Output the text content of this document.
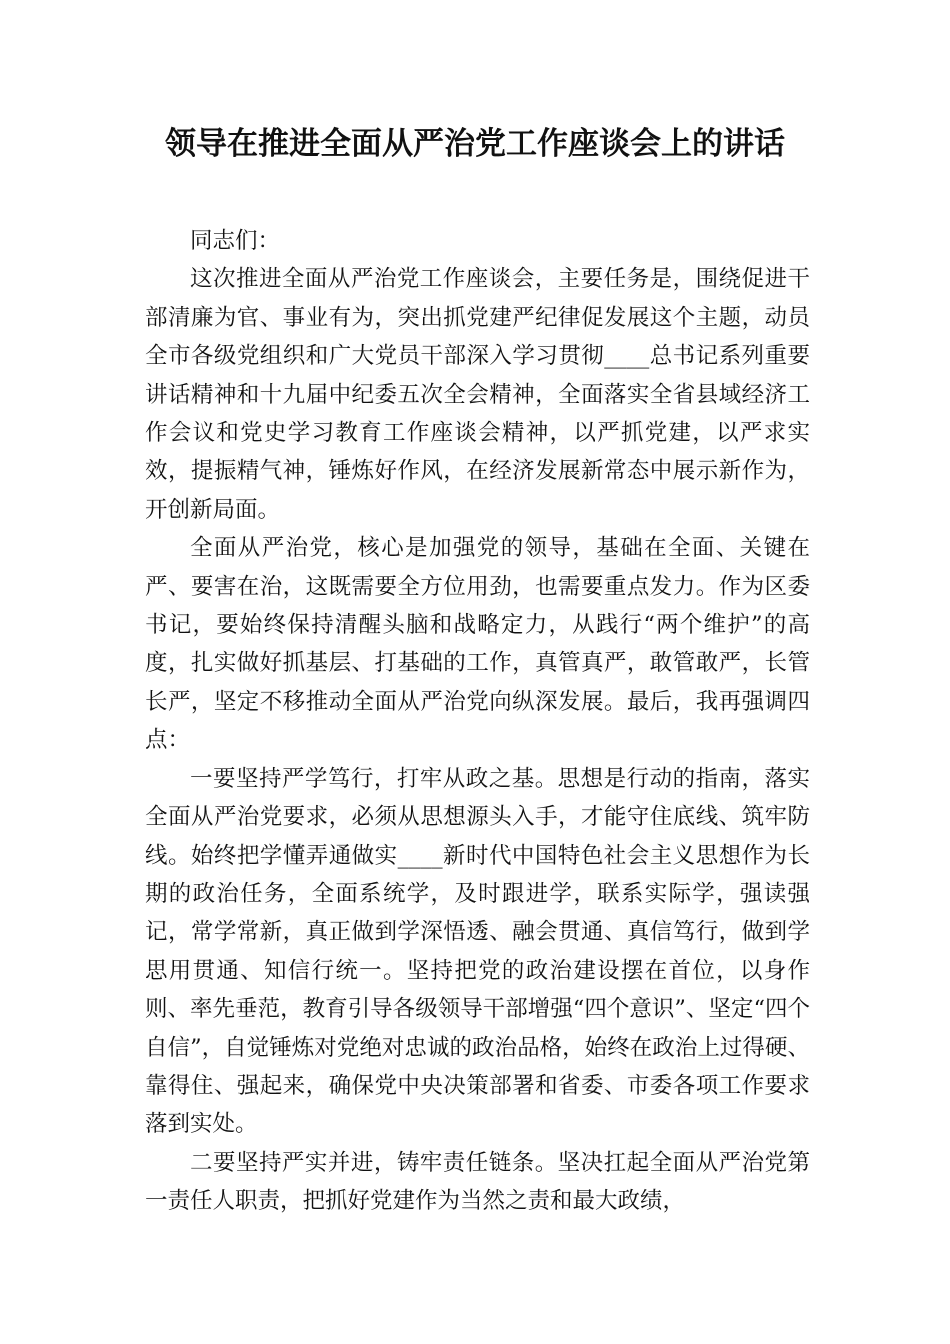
领导在推进全面从严治党工作座谈会上的讲话

同志们：

这次推进全面从严治党工作座谈会，主要任务是，围绕促进干部清廉为官、事业有为，突出抓党建严纪律促发展这个主题，动员全市各级党组织和广大党员干部深入学习贯彻____总书记系列重要讲话精神和十九届中纪委五次全会精神，全面落实全省县域经济工作会议和党史学习教育工作座谈会精神，以严抓党建，以严求实效，提振精气神，锤炼好作风，在经济发展新常态中展示新作为，开创新局面。

全面从严治党，核心是加强党的领导，基础在全面、关键在严、要害在治，这既需要全方位用劲，也需要重点发力。作为区委书记，要始终保持清醒头脑和战略定力，从践行“两个维护”的高度，扎实做好抓基层、打基础的工作，真管真严，敢管敢严，长管长严，坚定不移推动全面从严治党向纵深发展。最后，我再强调四点：

一要坚持严学笃行，打牢从政之基。思想是行动的指南，落实全面从严治党要求，必须从思想源头入手，才能守住底线、筑牢防线。始终把学懂弄通做实____新时代中国特色社会主义思想作为长期的政治任务，全面系统学，及时跟进学，联系实际学，强读强记，常学常新，真正做到学深悟透、融会贯通、真信笃行，做到学思用贯通、知信行统一。坚持把党的政治建设摆在首位，以身作则、率先垂范，教育引导各级领导干部增强“四个意识”、坚定“四个自信”，自觉锤炼对党绝对忠诚的政治品格，始终在政治上过得硬、靠得住、强起来，确保党中央决策部署和省委、市委各项工作要求落到实处。

二要坚持严实并进，铸牢责任链条。坚决扛起全面从严治党第一责任人职责，把抓好党建作为当然之责和最大政绩，
